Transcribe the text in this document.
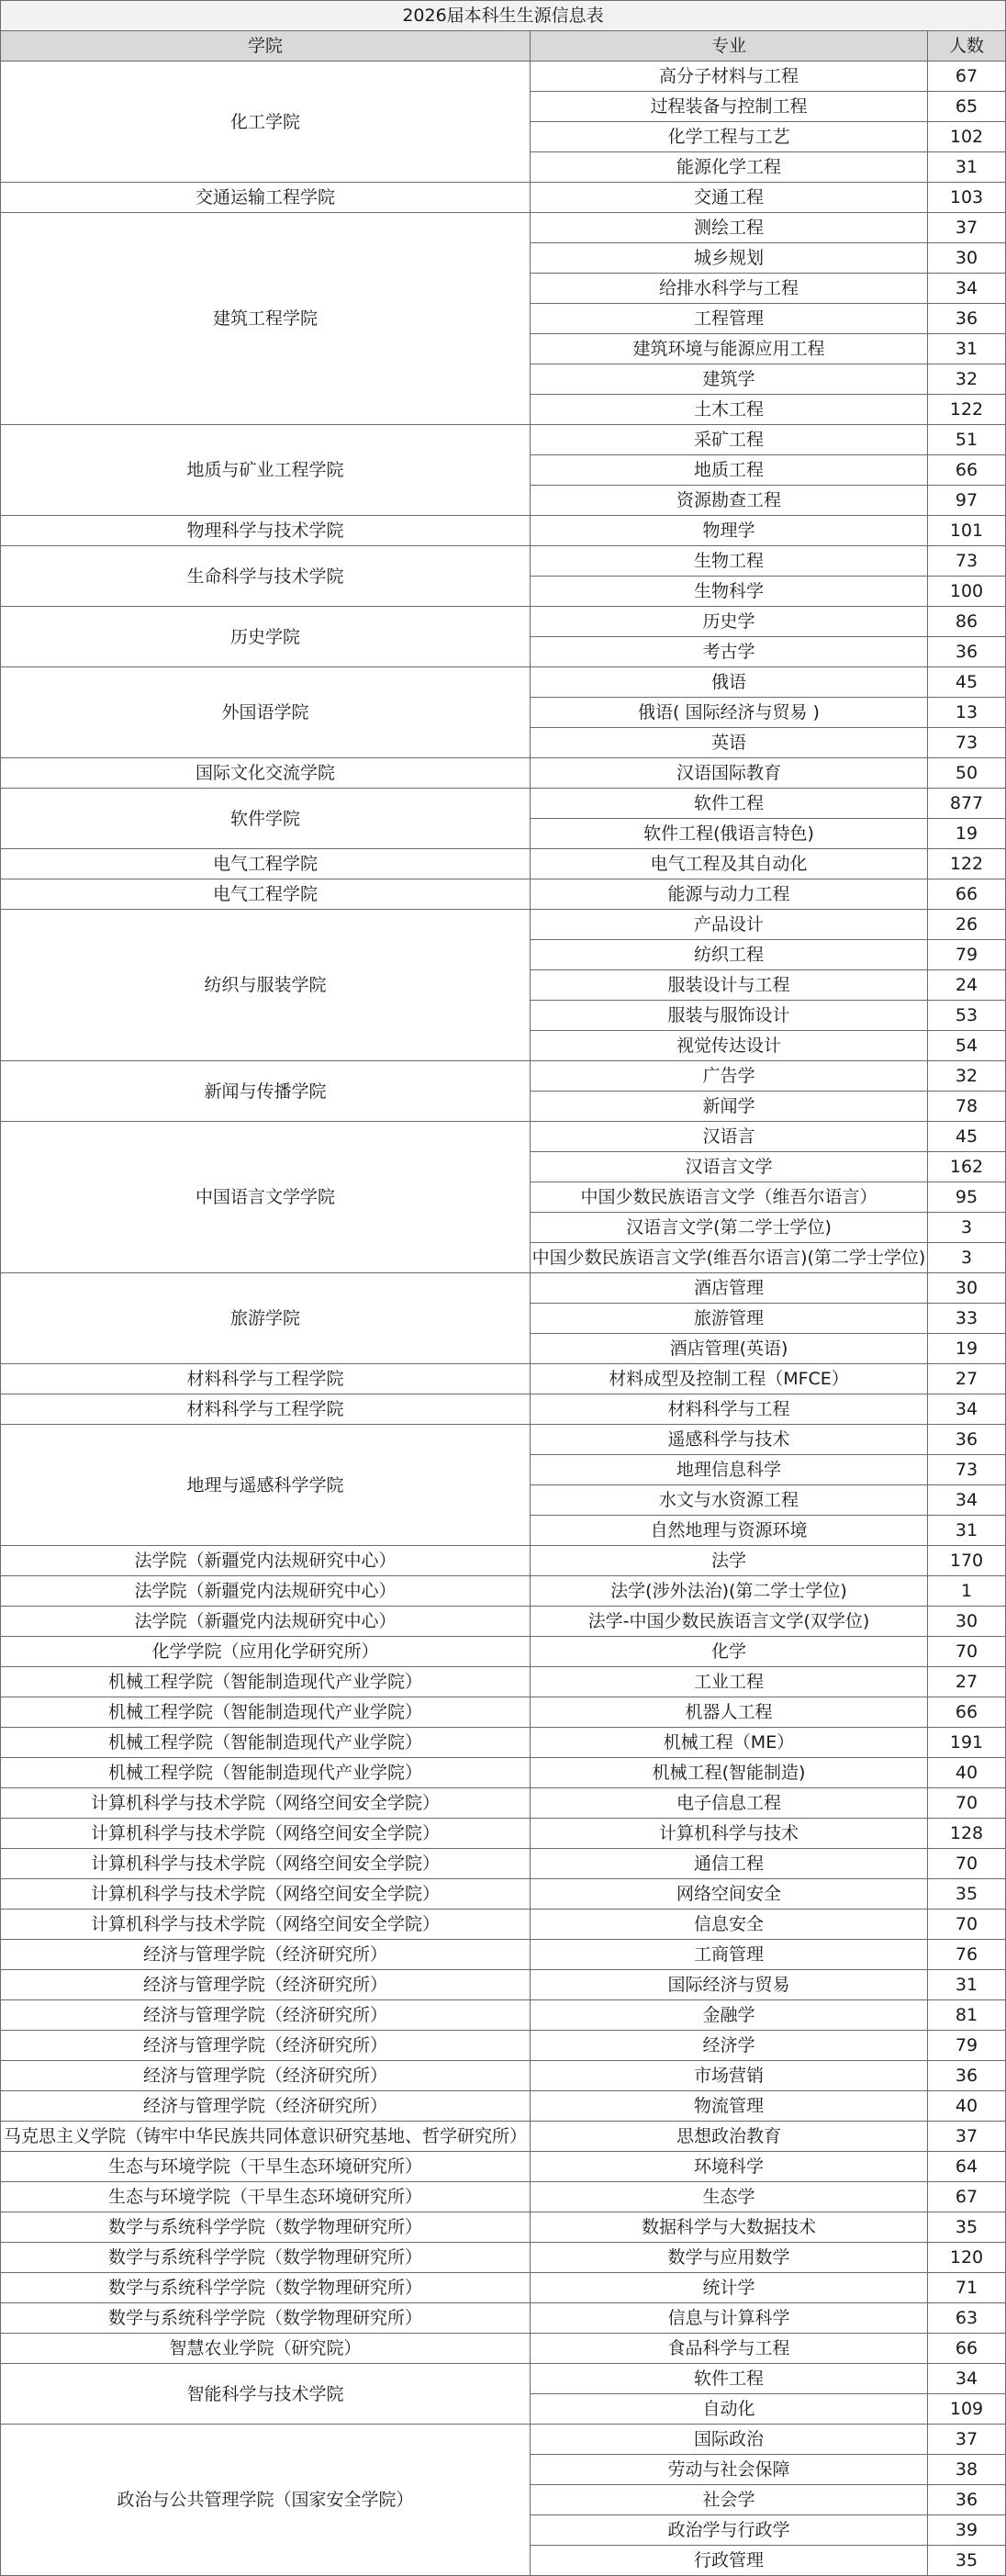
2026届本科生生源信息表		
学院	专业	人数
化工学院	高分子材料与工程	67
	过程装备与控制工程	65
	化学工程与工艺	102
	能源化学工程	31
交通运输工程学院	交通工程	103
建筑工程学院	测绘工程	37
	城乡规划	30
	给排水科学与工程	34
	工程管理	36
	建筑环境与能源应用工程	31
	建筑学	32
	土木工程	122
地质与矿业工程学院	采矿工程	51
	地质工程	66
	资源勘查工程	97
物理科学与技术学院	物理学	101
生命科学与技术学院	生物工程	73
	生物科学	100
历史学院	历史学	86
	考古学	36
外国语学院	俄语	45
	俄语( 国际经济与贸易 )	13
	英语	73
国际文化交流学院	汉语国际教育	50
软件学院	软件工程	877
	软件工程(俄语言特色)	19
电气工程学院	电气工程及其自动化	122
电气工程学院	能源与动力工程	66
纺织与服装学院	产品设计	26
	纺织工程	79
	服装设计与工程	24
	服装与服饰设计	53
	视觉传达设计	54
新闻与传播学院	广告学	32
	新闻学	78
中国语言文学学院	汉语言	45
	汉语言文学	162
	中国少数民族语言文学（维吾尔语言）	95
	汉语言文学(第二学士学位)	3
	中国少数民族语言文学(维吾尔语言)(第二学士学位)	3
旅游学院	酒店管理	30
	旅游管理	33
	酒店管理(英语)	19
材料科学与工程学院	材料成型及控制工程（MFCE）	27
材料科学与工程学院	材料科学与工程	34
地理与遥感科学学院	遥感科学与技术	36
	地理信息科学	73
	水文与水资源工程	34
	自然地理与资源环境	31
法学院（新疆党内法规研究中心）	法学	170
法学院（新疆党内法规研究中心）	法学(涉外法治)(第二学士学位)	1
法学院（新疆党内法规研究中心）	法学-中国少数民族语言文学(双学位)	30
化学学院（应用化学研究所）	化学	70
机械工程学院（智能制造现代产业学院）	工业工程	27
机械工程学院（智能制造现代产业学院）	机器人工程	66
机械工程学院（智能制造现代产业学院）	机械工程（ME）	191
机械工程学院（智能制造现代产业学院）	机械工程(智能制造)	40
计算机科学与技术学院（网络空间安全学院）	电子信息工程	70
计算机科学与技术学院（网络空间安全学院）	计算机科学与技术	128
计算机科学与技术学院（网络空间安全学院）	通信工程	70
计算机科学与技术学院（网络空间安全学院）	网络空间安全	35
计算机科学与技术学院（网络空间安全学院）	信息安全	70
经济与管理学院（经济研究所）	工商管理	76
经济与管理学院（经济研究所）	国际经济与贸易	31
经济与管理学院（经济研究所）	金融学	81
经济与管理学院（经济研究所）	经济学	79
经济与管理学院（经济研究所）	市场营销	36
经济与管理学院（经济研究所）	物流管理	40
马克思主义学院（铸牢中华民族共同体意识研究基地、哲学研究所）	思想政治教育	37
生态与环境学院（干旱生态环境研究所）	环境科学	64
生态与环境学院（干旱生态环境研究所）	生态学	67
数学与系统科学学院（数学物理研究所）	数据科学与大数据技术	35
数学与系统科学学院（数学物理研究所）	数学与应用数学	120
数学与系统科学学院（数学物理研究所）	统计学	71
数学与系统科学学院（数学物理研究所）	信息与计算科学	63
智慧农业学院（研究院）	食品科学与工程	66
智能科学与技术学院	软件工程	34
	自动化	109
政治与公共管理学院（国家安全学院）	国际政治	37
	劳动与社会保障	38
	社会学	36
	政治学与行政学	39
	行政管理	35
